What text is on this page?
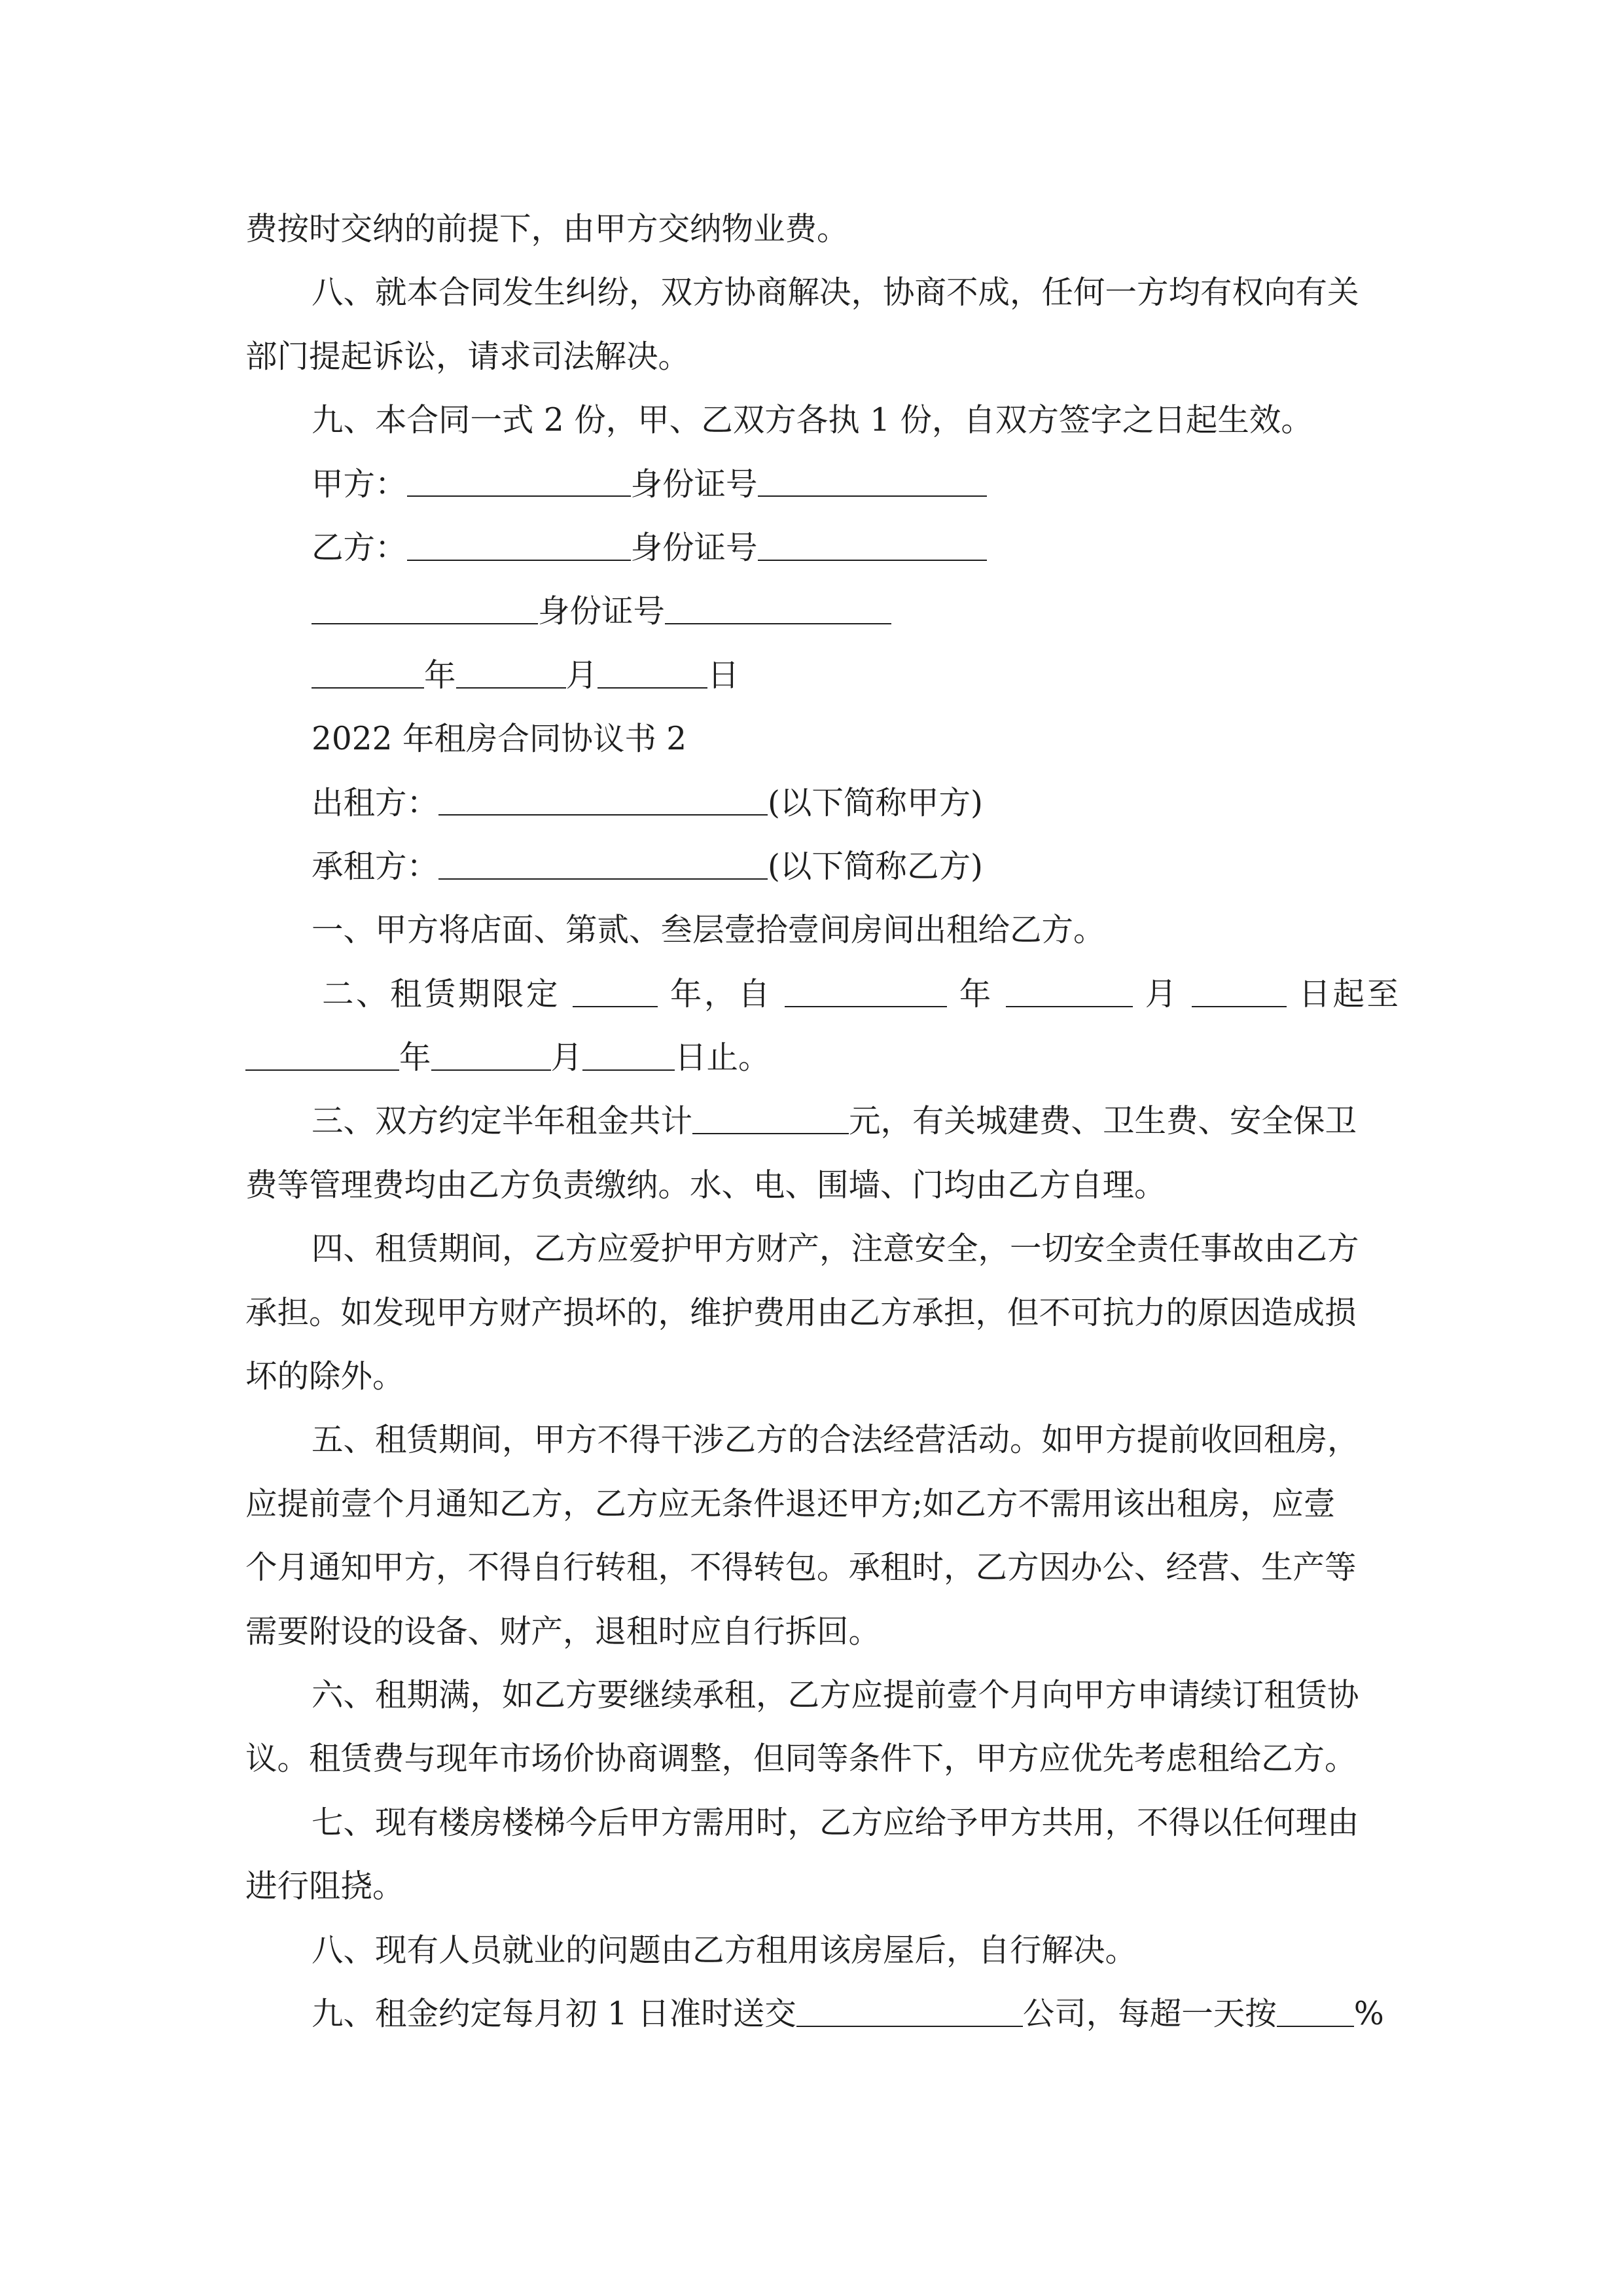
费按时交纳的前提下，由甲方交纳物业费。
八、就本合同发生纠纷，双方协商解决，协商不成，任何一方均有权向有关
部门提起诉讼，请求司法解决。
九、本合同一式 2 份，甲、乙双方各执 1 份，自双方签字之日起生效。
甲方：	身份证号
乙方：	身份证号
身份证号
年	月	日
2022 年租房合同协议书 2
出租方：	(以下简称甲方)
承租方：	(以下简称乙方)
一、甲方将店面、第贰、叁层壹拾壹间房间出租给乙方。
二、租赁期限定	年，自	年	月	日起至
年	月	日止。
三、双方约定半年租金共计	元，有关城建费、卫生费、安全保卫
费等管理费均由乙方负责缴纳。水、电、围墙、门均由乙方自理。
四、租赁期间，乙方应爱护甲方财产，注意安全，一切安全责任事故由乙方
承担。如发现甲方财产损坏的，维护费用由乙方承担，但不可抗力的原因造成损
坏的除外。
五、租赁期间，甲方不得干涉乙方的合法经营活动。如甲方提前收回租房，
应提前壹个月通知乙方，乙方应无条件退还甲方;如乙方不需用该出租房，应壹
个月通知甲方，不得自行转租，不得转包。承租时，乙方因办公、经营、生产等
需要附设的设备、财产，退租时应自行拆回。
六、租期满，如乙方要继续承租，乙方应提前壹个月向甲方申请续订租赁协
议。租赁费与现年市场价协商调整，但同等条件下，甲方应优先考虑租给乙方。
七、现有楼房楼梯今后甲方需用时，乙方应给予甲方共用，不得以任何理由
进行阻挠。
八、现有人员就业的问题由乙方租用该房屋后，自行解决。
九、租金约定每月初 1 日准时送交	公司，每超一天按 %
